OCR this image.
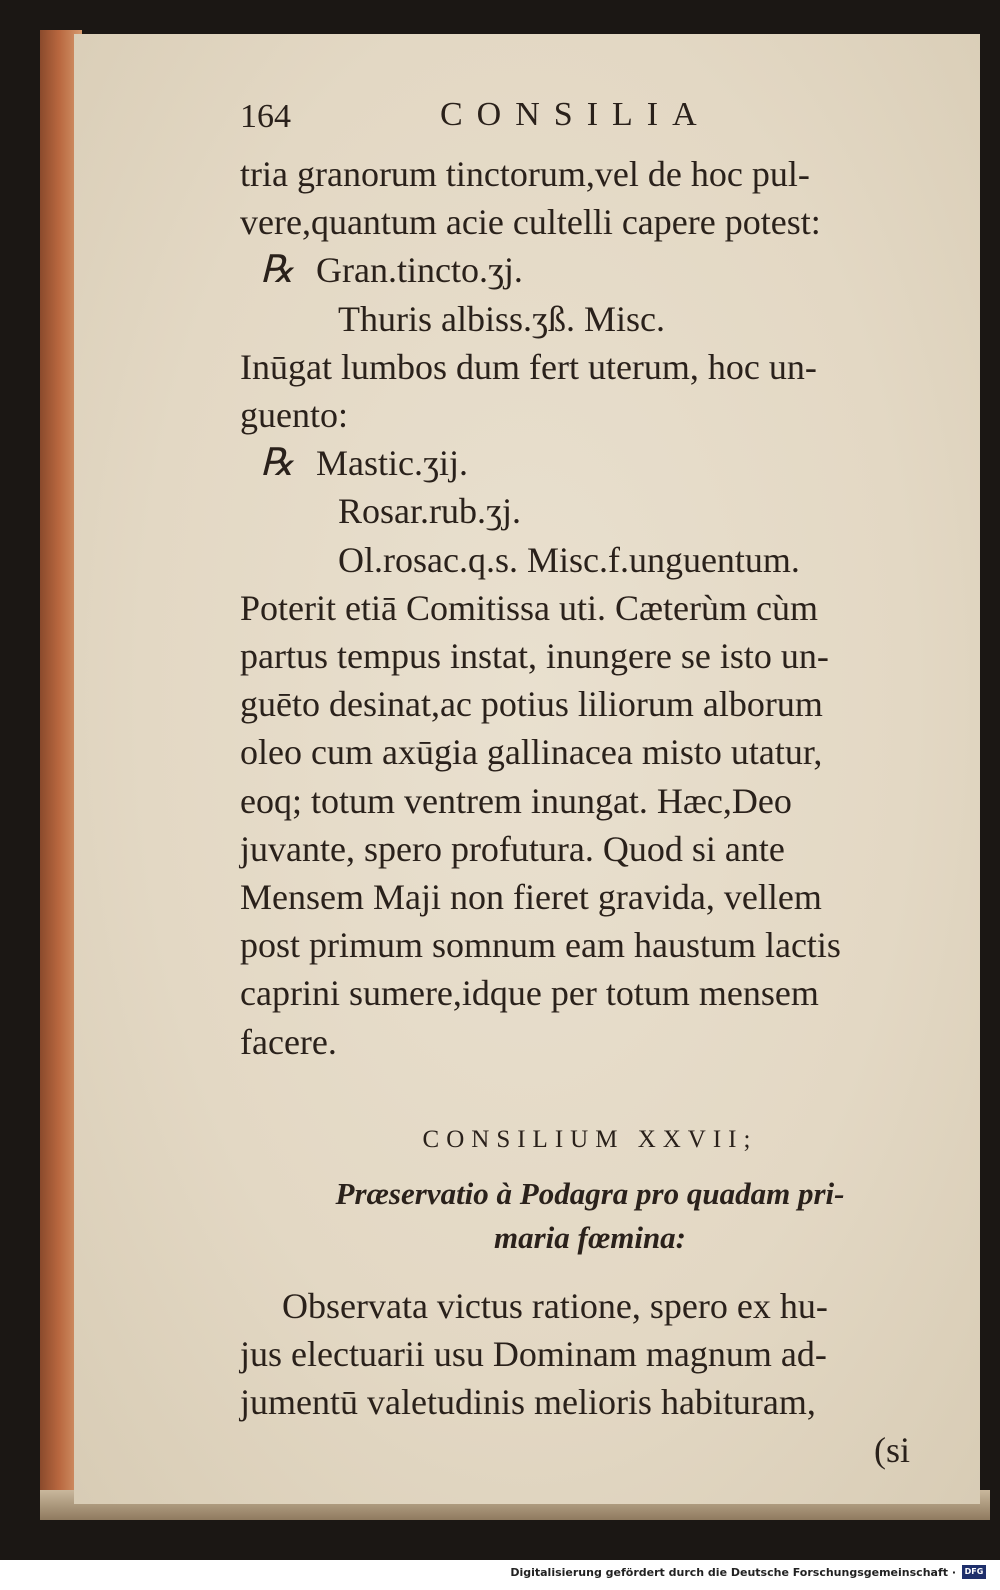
164	CONSILIA
tria granorum tinctorum,vel de hoc pul-
vere,quantum acie cultelli capere potest:
℞ Gran.tincto.ʒj.
Thuris albiss.ʒß. Misc.
Inūgat lumbos dum fert uterum, hoc un-
guento:
℞ Mastic.ʒij.
Rosar.rub.ʒj.
Ol.rosac.q.s. Misc.f.unguentum.
Poterit etiā Comitissa uti. Cæterùm cùm
partus tempus instat, inungere se isto un-
guēto desinat,ac potius liliorum alborum
oleo cum axūgia gallinacea misto utatur,
eoq; totum ventrem inungat. Hæc,Deo
juvante, spero profutura. Quod si ante
Mensem Maji non fieret gravida, vellem
post primum somnum eam haustum lactis
caprini sumere,idque per totum mensem
facere.
CONSILIUM XXVII;
Præservatio à Podagra pro quadam pri-
maria fœmina:
Observata victus ratione, spero ex hu-
jus electuarii usu Dominam magnum ad-
jumentū valetudinis melioris habituram,
(si
Digitalisierung gefördert durch die Deutsche Forschungsgemeinschaft ·	DFG
